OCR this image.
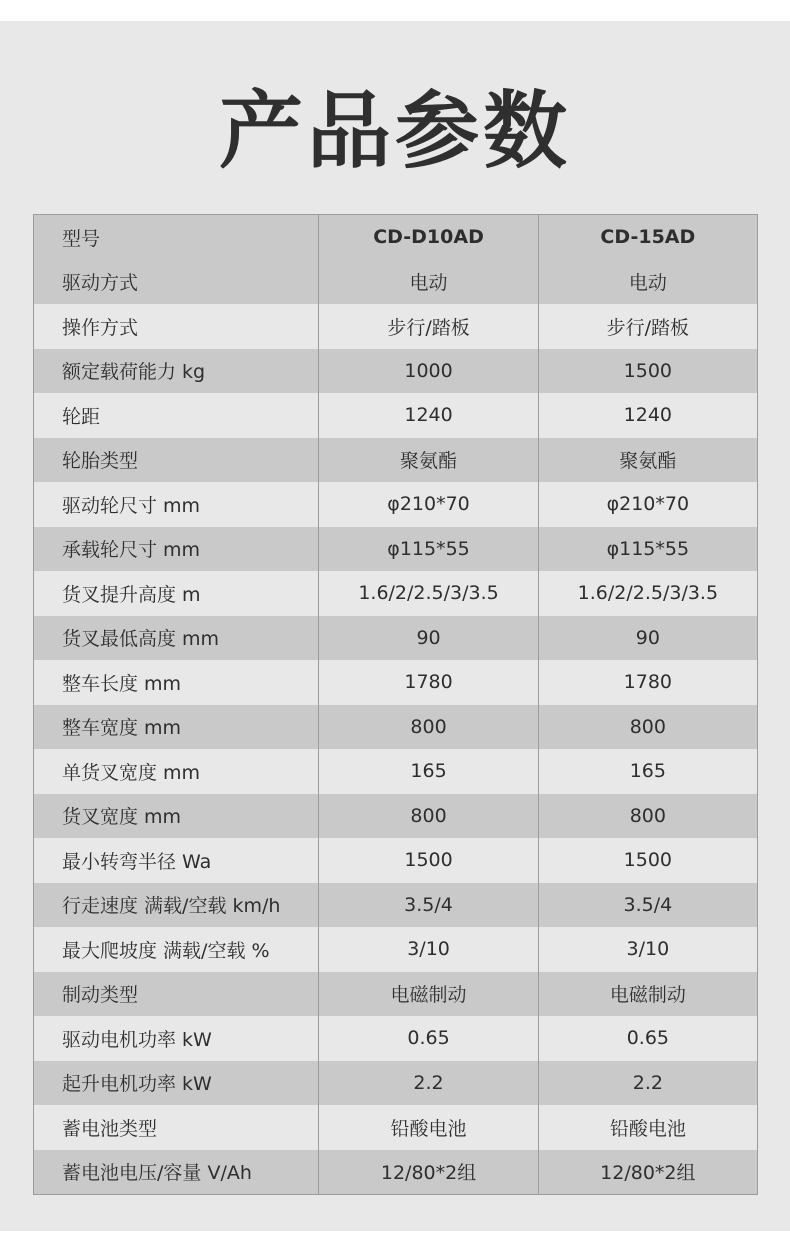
产品参数
型号	CD-D10AD	CD-15AD
驱动方式	电动	电动
操作方式	步行/踏板	步行/踏板
额定载荷能力 kg	1000	1500
轮距	1240	1240
轮胎类型	聚氨酯	聚氨酯
驱动轮尺寸 mm	φ210*70	φ210*70
承载轮尺寸 mm	φ115*55	φ115*55
货叉提升高度 m	1.6/2/2.5/3/3.5	1.6/2/2.5/3/3.5
货叉最低高度 mm	90	90
整车长度 mm	1780	1780
整车宽度 mm	800	800
单货叉宽度 mm	165	165
货叉宽度 mm	800	800
最小转弯半径 Wa	1500	1500
行走速度 满载/空载 km/h	3.5/4	3.5/4
最大爬坡度 满载/空载 %	3/10	3/10
制动类型	电磁制动	电磁制动
驱动电机功率 kW	0.65	0.65
起升电机功率 kW	2.2	2.2
蓄电池类型	铅酸电池	铅酸电池
蓄电池电压/容量 V/Ah	12/80*2组	12/80*2组
